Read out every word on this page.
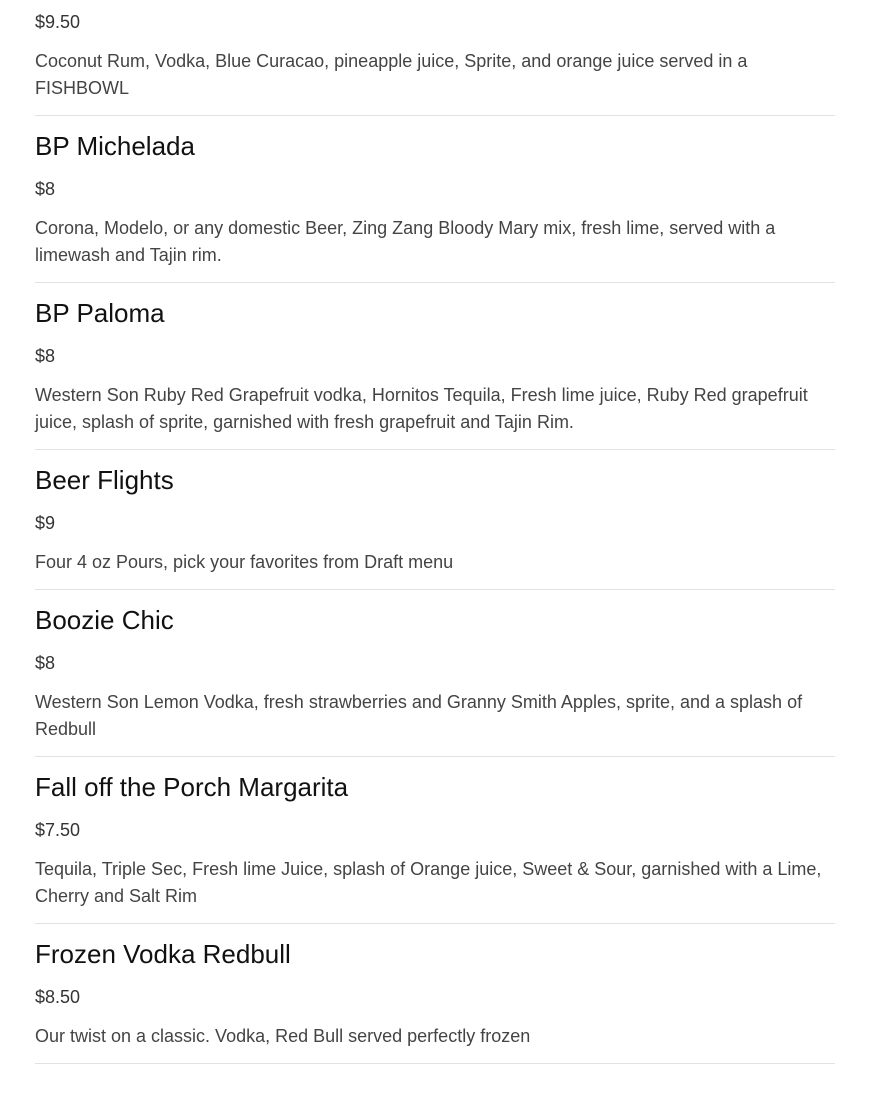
$9.50

Coconut Rum, Vodka, Blue Curacao, pineapple juice, Sprite, and orange juice served in a FISHBOWL

BP Michelada

$8

Corona, Modelo, or any domestic Beer, Zing Zang Bloody Mary mix, fresh lime, served with a limewash and Tajin rim.

BP Paloma

$8

Western Son Ruby Red Grapefruit vodka, Hornitos Tequila, Fresh lime juice, Ruby Red grapefruit juice, splash of sprite, garnished with fresh grapefruit and Tajin Rim.

Beer Flights

$9

Four 4 oz Pours, pick your favorites from Draft menu

Boozie Chic

$8

Western Son Lemon Vodka, fresh strawberries and Granny Smith Apples, sprite, and a splash of Redbull

Fall off the Porch Margarita

$7.50

Tequila, Triple Sec, Fresh lime Juice, splash of Orange juice, Sweet & Sour, garnished with a Lime, Cherry and Salt Rim

Frozen Vodka Redbull

$8.50

Our twist on a classic. Vodka, Red Bull served perfectly frozen
